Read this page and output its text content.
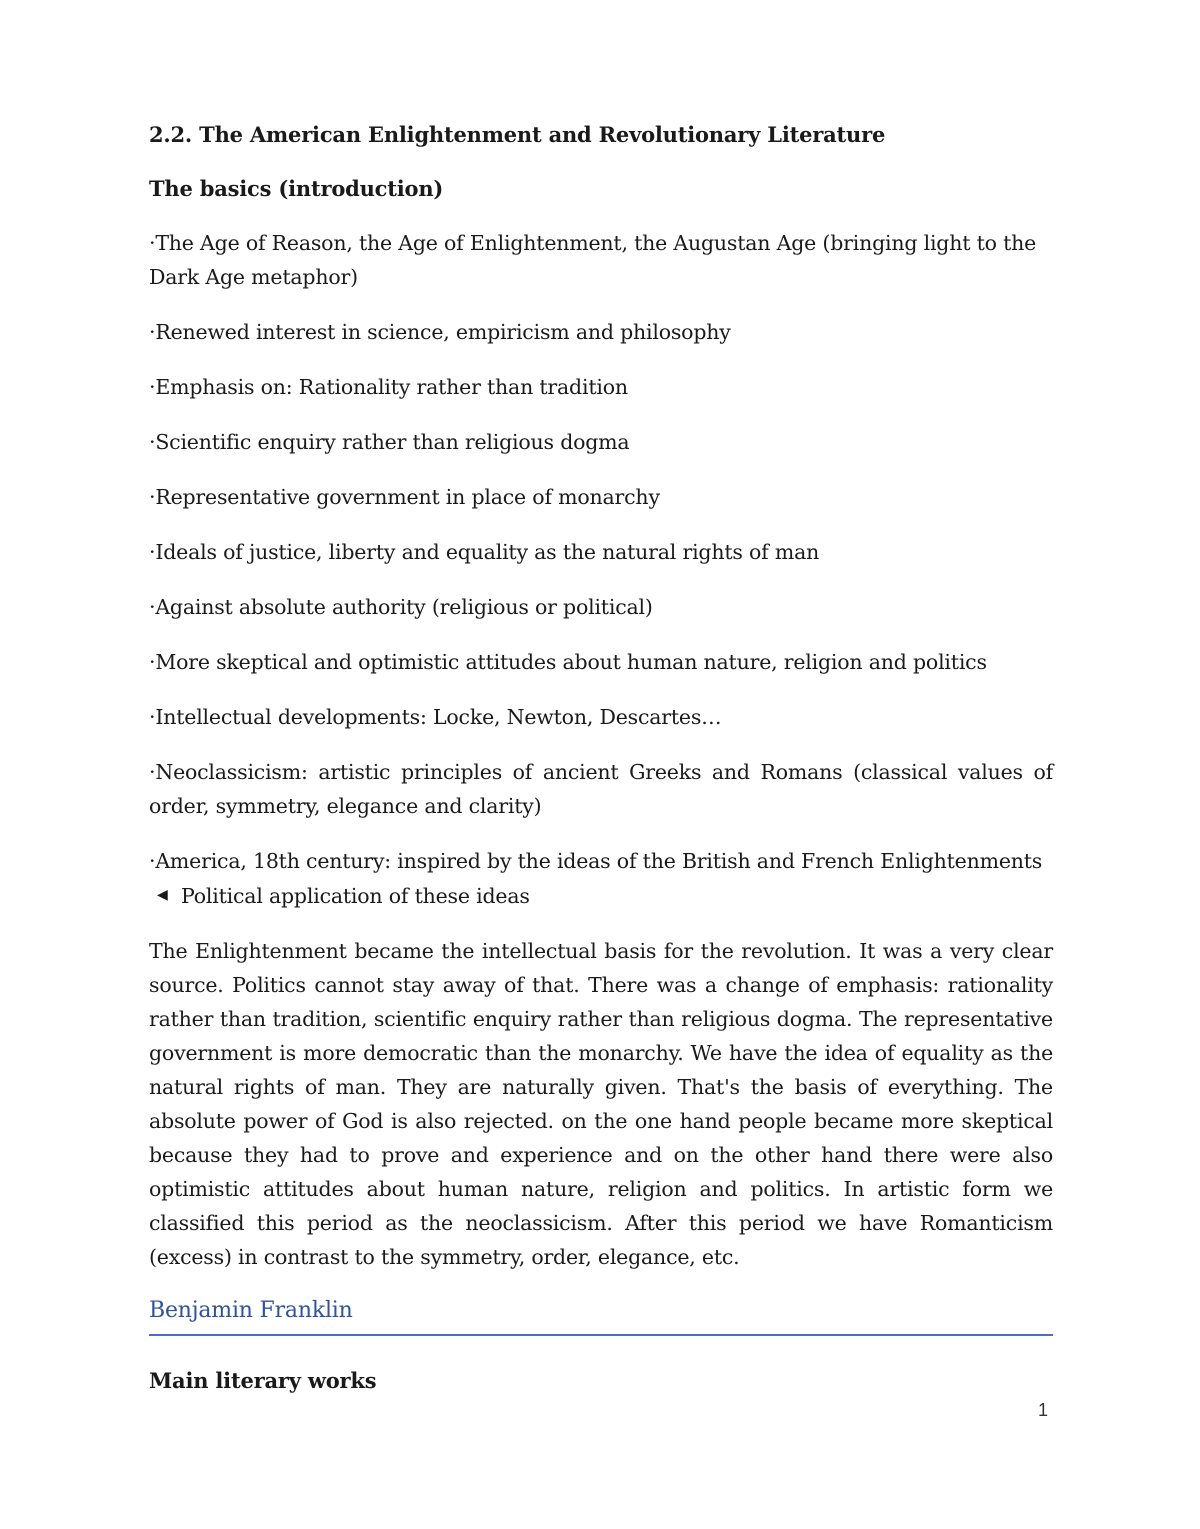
2.2. The American Enlightenment and Revolutionary Literature
The basics (introduction)
·The Age of Reason, the Age of Enlightenment, the Augustan Age (bringing light to the Dark Age metaphor)
·Renewed interest in science, empiricism and philosophy
·Emphasis on: Rationality rather than tradition
·Scientific enquiry rather than religious dogma
·Representative government in place of monarchy
·Ideals of justice, liberty and equality as the natural rights of man
·Against absolute authority (religious or political)
·More skeptical and optimistic attitudes about human nature, religion and politics
·Intellectual developments: Locke, Newton, Descartes…
·Neoclassicism: artistic principles of ancient Greeks and Romans (classical values of order, symmetry, elegance and clarity)
·America, 18th century: inspired by the ideas of the British and French Enlightenments
◀ Political application of these ideas
The Enlightenment became the intellectual basis for the revolution. It was a very clear source. Politics cannot stay away of that. There was a change of emphasis: rationality rather than tradition, scientific enquiry rather than religious dogma. The representative government is more democratic than the monarchy. We have the idea of equality as the natural rights of man. They are naturally given. That's the basis of everything. The absolute power of God is also rejected. on the one hand people became more skeptical because they had to prove and experience and on the other hand there were also optimistic attitudes about human nature, religion and politics. In artistic form we classified this period as the neoclassicism. After this period we have Romanticism (excess) in contrast to the symmetry, order, elegance, etc.
Benjamin Franklin
Main literary works
1
